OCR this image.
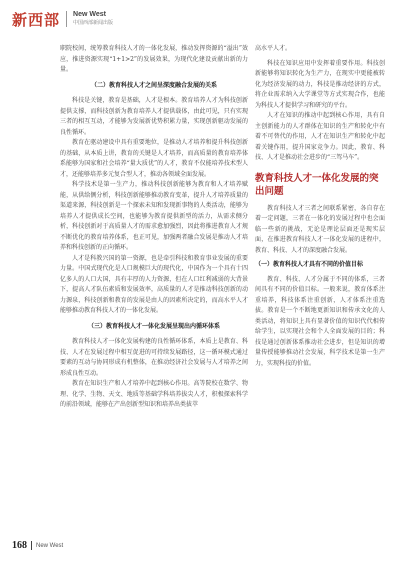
新西部 New West
中国西部新闻出版

职院校间，统筹教育科技人才的一体化发展，推动发挥资源的“溢出”效应，推进资源实现“1+1>2”的发展效果，为现代化建设贡献出新的力量。

（二）教育科技人才之间呈深度融合发展的关系

科技是关键，教育是基础，人才是根本。教育培养人才为科技创新提供支撑，而科技创新为教育培养人才提供载体，由此可见，只有实现三者的相互互动，才能够为发展新优势积累力量，实现创新驱动发展的良性循环。

教育在驱动建设中具有重要地位，是推动人才培养和提升科技创新的基础，从本质上讲，教育的关键是人才培养，而高质量的教育培养体系能够为国家和社会培养“量大质优”的人才，教育不仅能培养技术型人才，还能够培养多元复合型人才，推动各领域全面发展。

科学技术是第一生产力，推动科技创新能够为教育和人才培养赋能，从供给侧分析，科技创新能够推动教育变革，提升人才培养质量的渠道来源，科技创新是一个探索未知和发现新事物的人类活动，能够为培养人才提供成长空间，也能够为教育提供新型的活力，从需求侧分析，科技创新对于高质量人才的需求愈加强烈，因此将推进教育人才规不断优化的教育培养体系，也正可见，加强两者融合发展是推动人才培养和科技创新的正向循环。

人才是科教兴国的第一资源，也是牵引科技和教育事业发展的重要力量。中国式现代化是人口规模巨大的现代化，中国作为一个具有十四亿多人的人口大国，具有丰厚的人力资源，但在人口红利减弱的大背景下，提高人才队伍素质和发展效率，高质量的人才是推动科技创新的动力源泉，科技创新和教育的发展是由人的因素所决定的，而高水平人才能够推动教育科技人才的一体化发展。

（三）教育科技人才一体化发展呈现出内循环体系

教育科技人才一体化发展构建的良性循环体系，本质上是教育、科技、人才在发展过程中相互促进的可持续发展路径，这一循环模式通过要素的互动与协同形成有机整体，在推动经济社会发展与人才培养之间形成良性互动。

教育在知识生产和人才培养中起到核心作用。高等院校在数学、物理、化学、生物、天文、地质等基础学科培养拔尖人才，积极探索科学的前沿领域，能够在产出创新型知识和培养出类拔萃

高水平人才。

科技在知识应用中发挥着重要作用。科技创新能够将知识转化为生产力，在现实中更能被转化为经济发展的动力，科技是推动经济的方式，将企业需求纳入大学课堂等方式实现合作，也能为科技人才提供学习和研究的平台。

人才在知识的推动中起到核心作用，具有自主创新能力的人才群体在知识的生产和转化中有着不可替代的作用，人才在知识生产和转化中起着关键作用，提升国家竞争力。因此，教育、科技、人才是推动社会进步的“三驾马车”。

教育科技人才一体化发展的突出问题

教育科技人才三者之间联系紧密，各自存在着一定问题，三者在一体化的发展过程中也会面临一些新的挑战，无论是理论层面还是现实层面，在推进教育科技人才一体化发展的进程中，教育、科技、人才的深度融合发展。

（一）教育科技人才具有不同的价值目标

教育、科技、人才分属于不同的体系，三者间具有不同的价值目标。一般来说，教育体系注重培养，科技体系注重创新，人才体系注重选拔。教育是一个不断地更新知识和传承文化的人类活动，将知识上具有显著价值的知识代代相传给学生，以实现社会和个人全面发展的目的；科技是通过创新体系推动社会进步，但是知识的增量传授能够推动社会发展，科学技术是第一生产力，实现科技的价值。

168 New West
